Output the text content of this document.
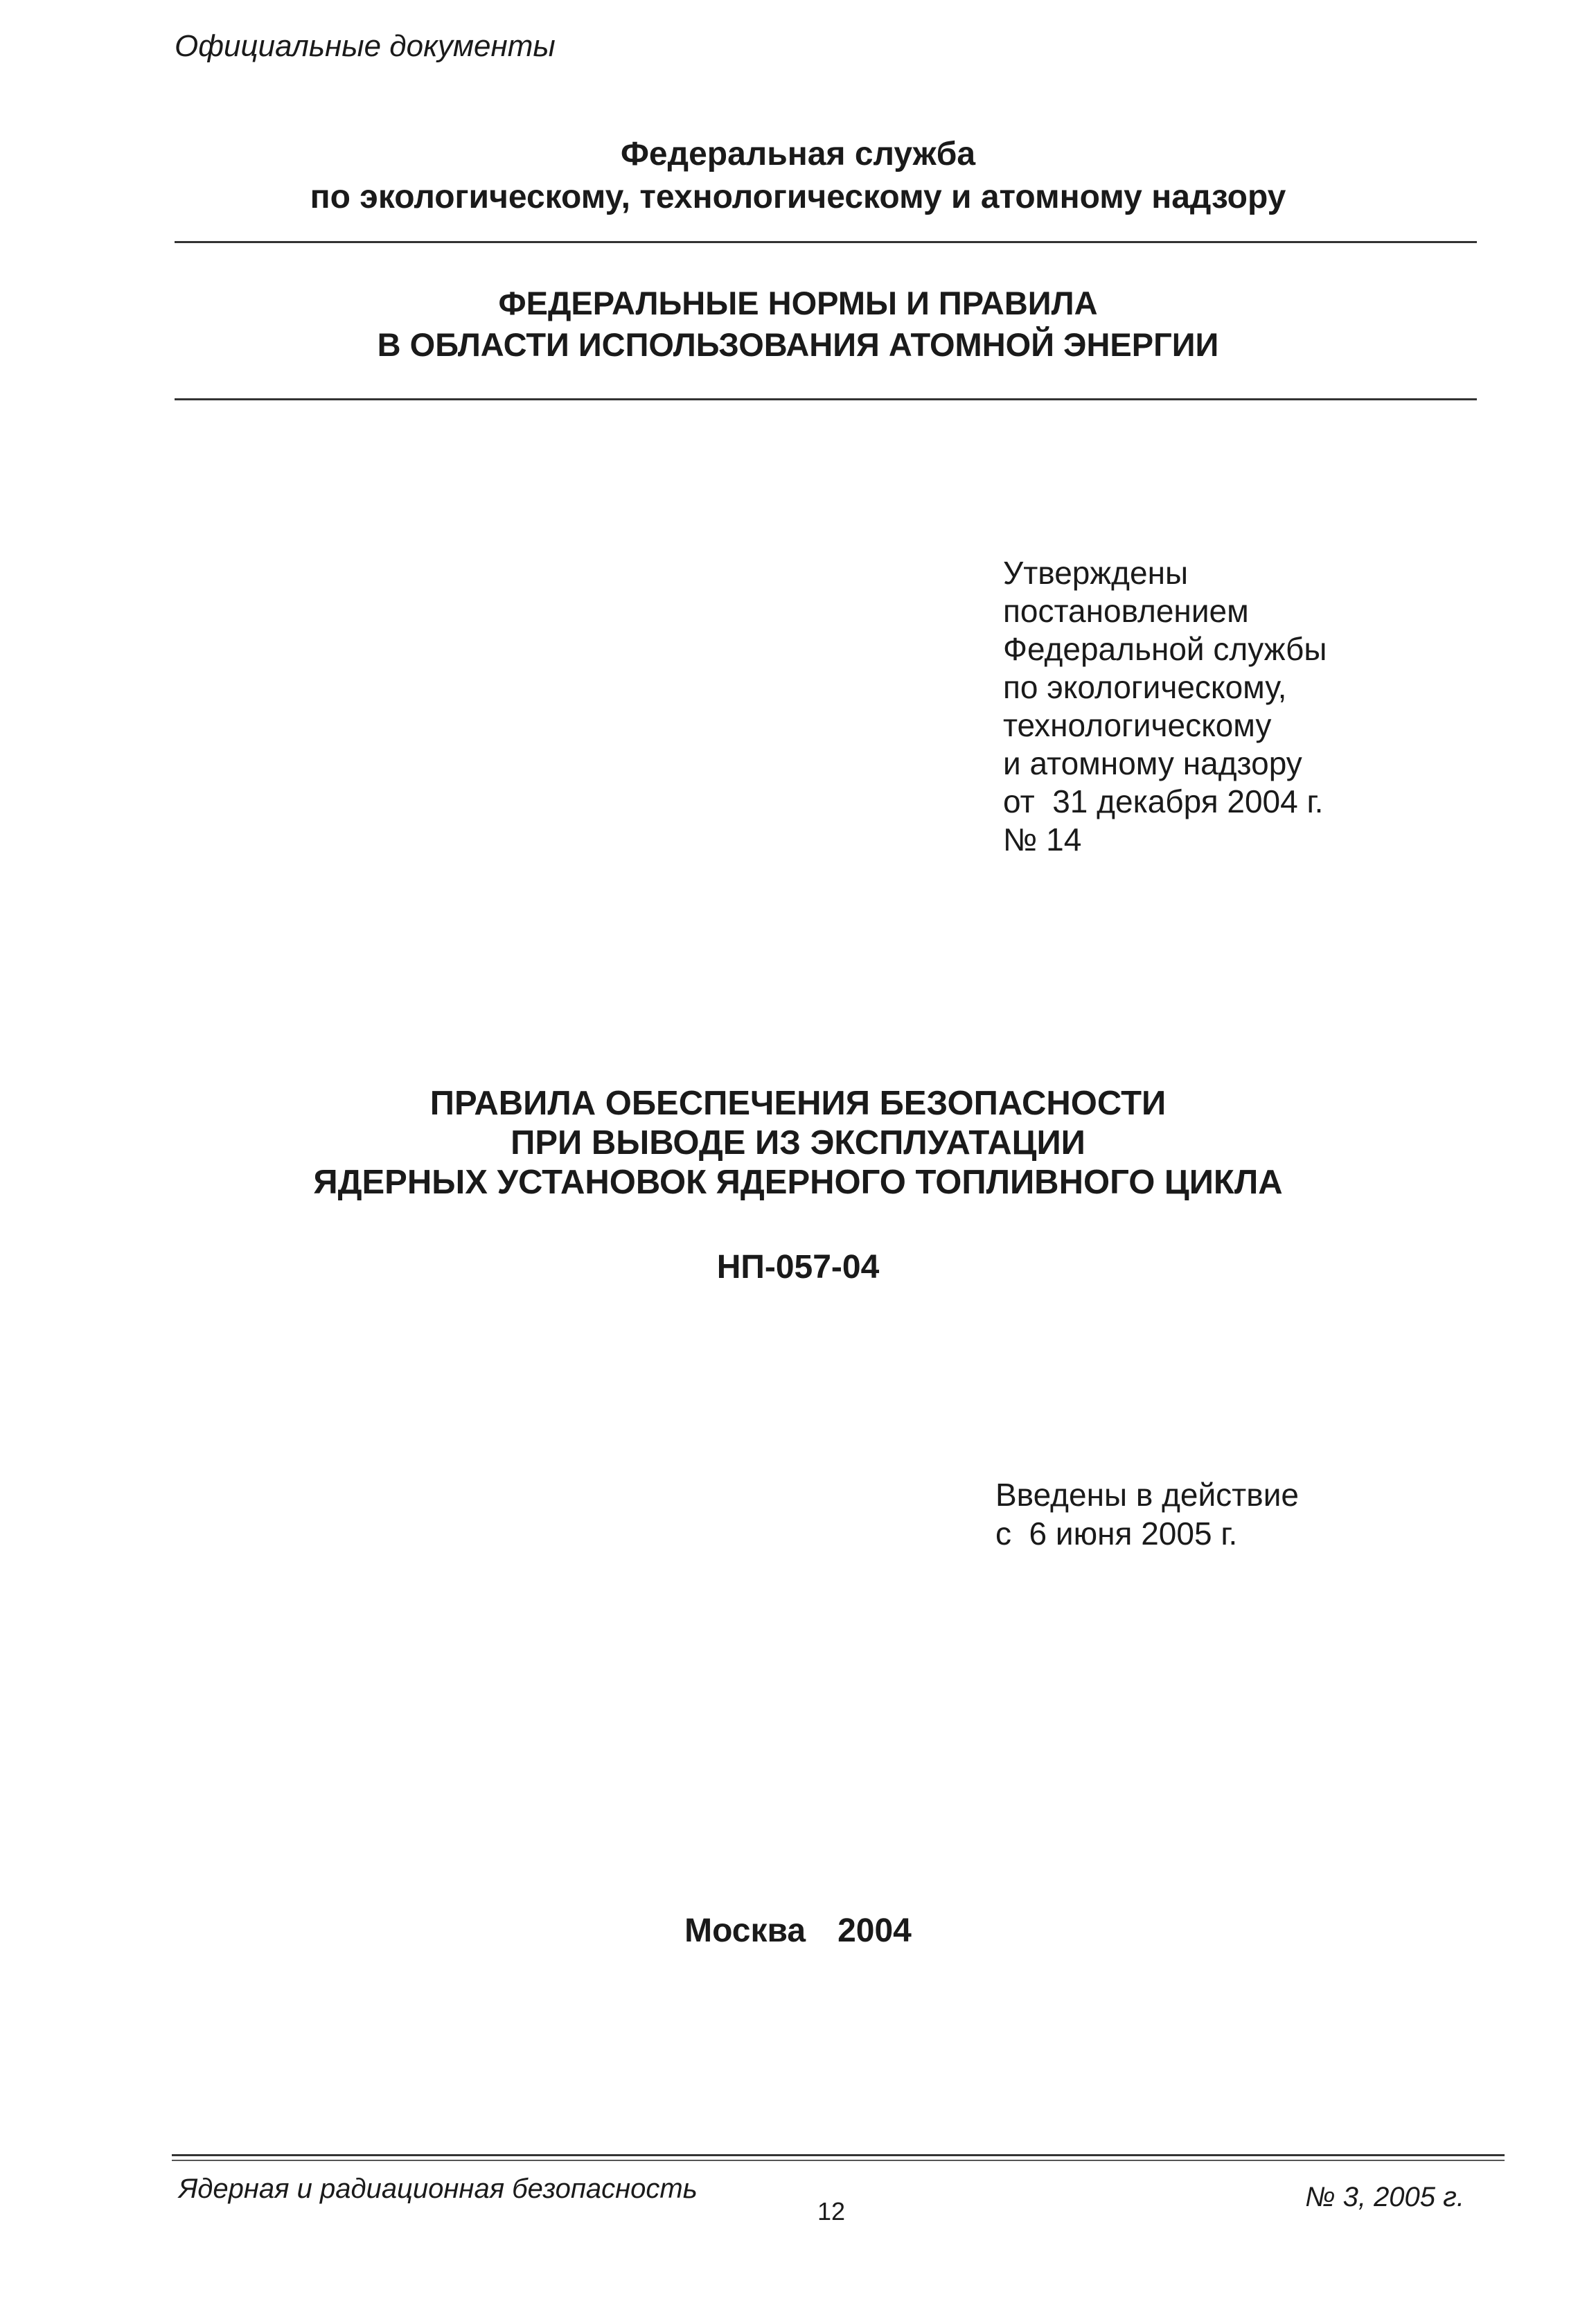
Официальные документы
Федеральная служба
по экологическому, технологическому и атомному надзору
ФЕДЕРАЛЬНЫЕ НОРМЫ И ПРАВИЛА
В ОБЛАСТИ ИСПОЛЬЗОВАНИЯ АТОМНОЙ ЭНЕРГИИ
Утверждены
постановлением
Федеральной службы
по экологическому,
технологическому
и атомному надзору
от  31 декабря 2004 г.
№ 14
ПРАВИЛА ОБЕСПЕЧЕНИЯ БЕЗОПАСНОСТИ
ПРИ ВЫВОДЕ ИЗ ЭКСПЛУАТАЦИИ
ЯДЕРНЫХ УСТАНОВОК ЯДЕРНОГО ТОПЛИВНОГО ЦИКЛА
НП-057-04
Введены в действие
с  6 июня 2005 г.
Москва 2004
Ядерная и радиационная безопасность
12	№ 3, 2005 г.
